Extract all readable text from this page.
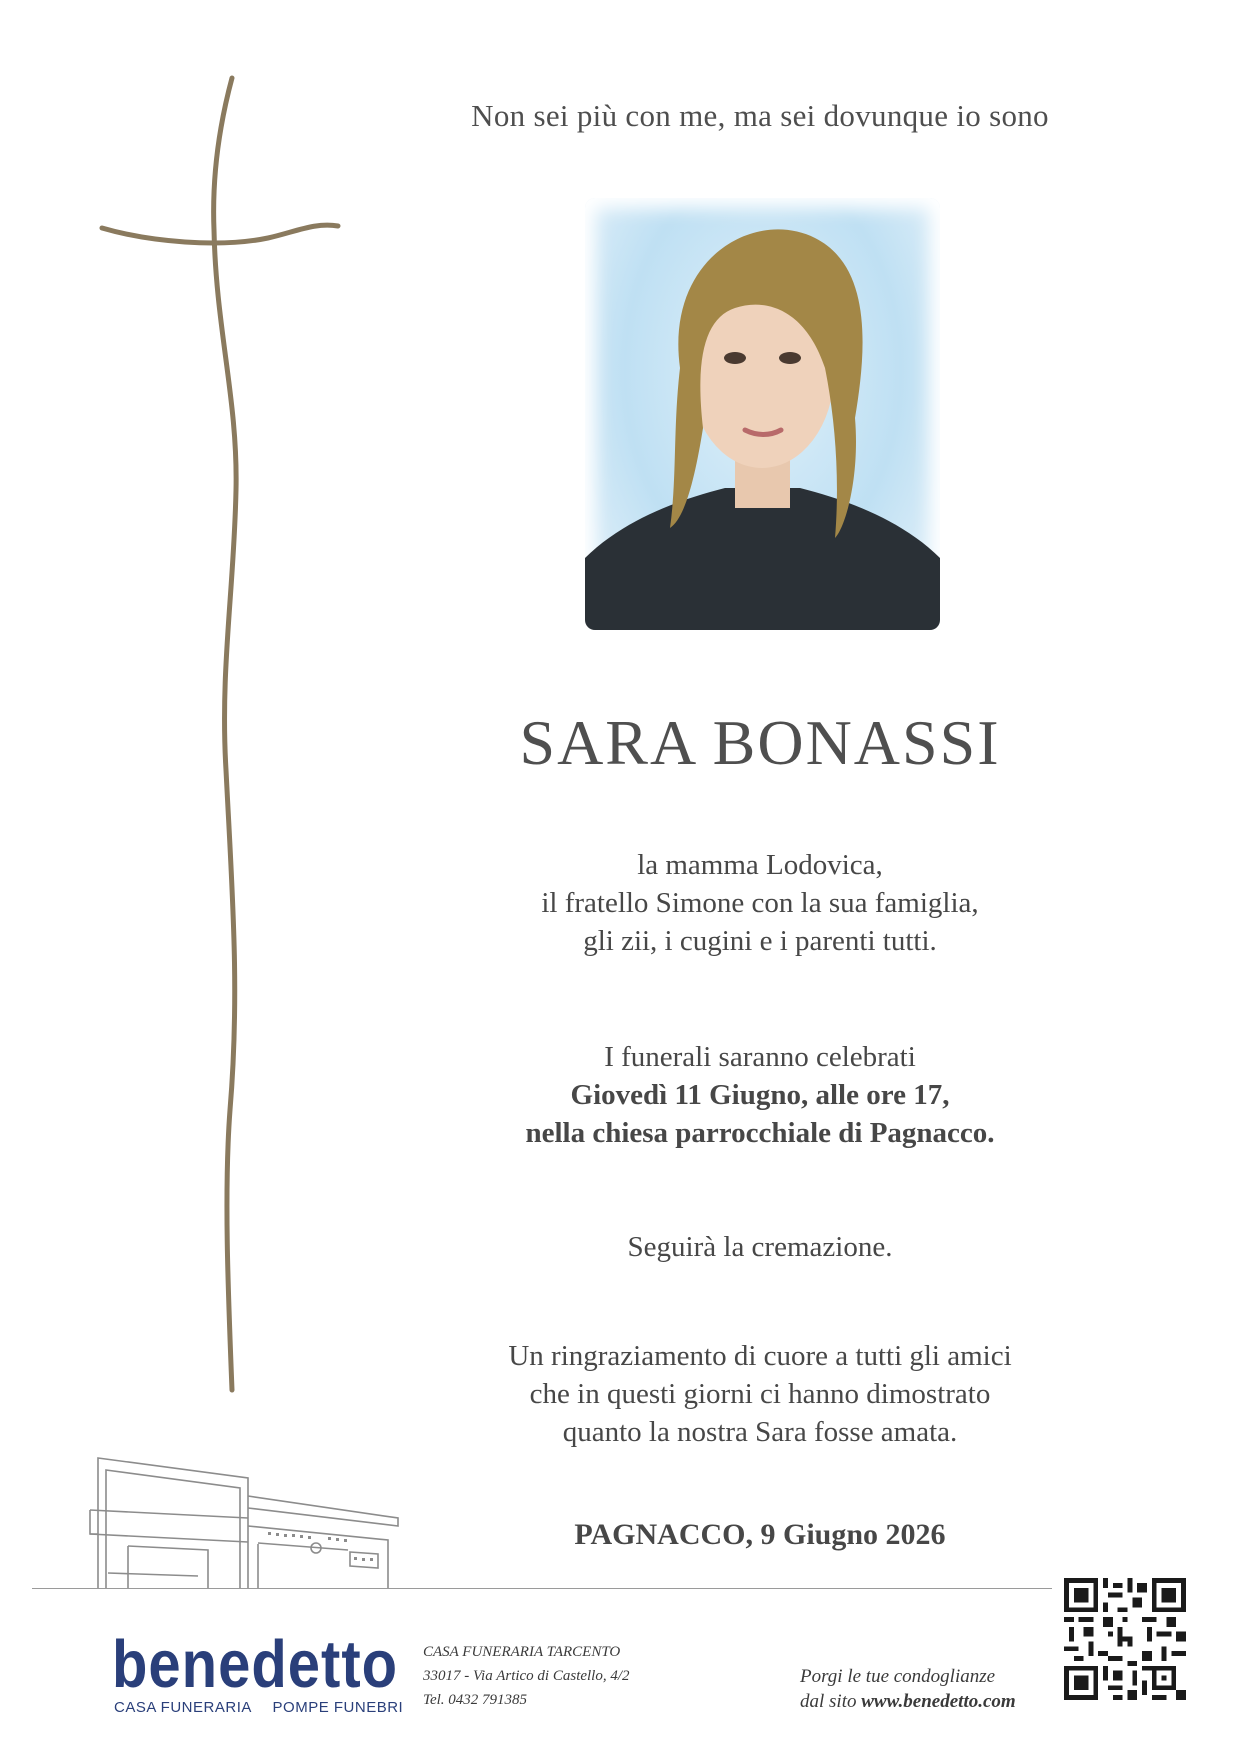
Non sei più con me, ma sei dovunque io sono
SARA BONASSI
la mamma Lodovica,
il fratello Simone con la sua famiglia,
gli zii, i cugini e i parenti tutti.
I funerali saranno celebrati
Giovedì 11 Giugno, alle ore 17,
nella chiesa parrocchiale di Pagnacco.
Seguirà la cremazione.
Un ringraziamento di cuore a tutti gli amici
che in questi giorni ci hanno dimostrato
quanto la nostra Sara fosse amata.
PAGNACCO, 9 Giugno 2026
benedetto
CASA FUNERARIA POMPE FUNEBRI
CASA FUNERARIA TARCENTO
33017 - Via Artico di Castello, 4/2
Tel. 0432 791385
Porgi le tue condoglianze
dal sito www.benedetto.com
